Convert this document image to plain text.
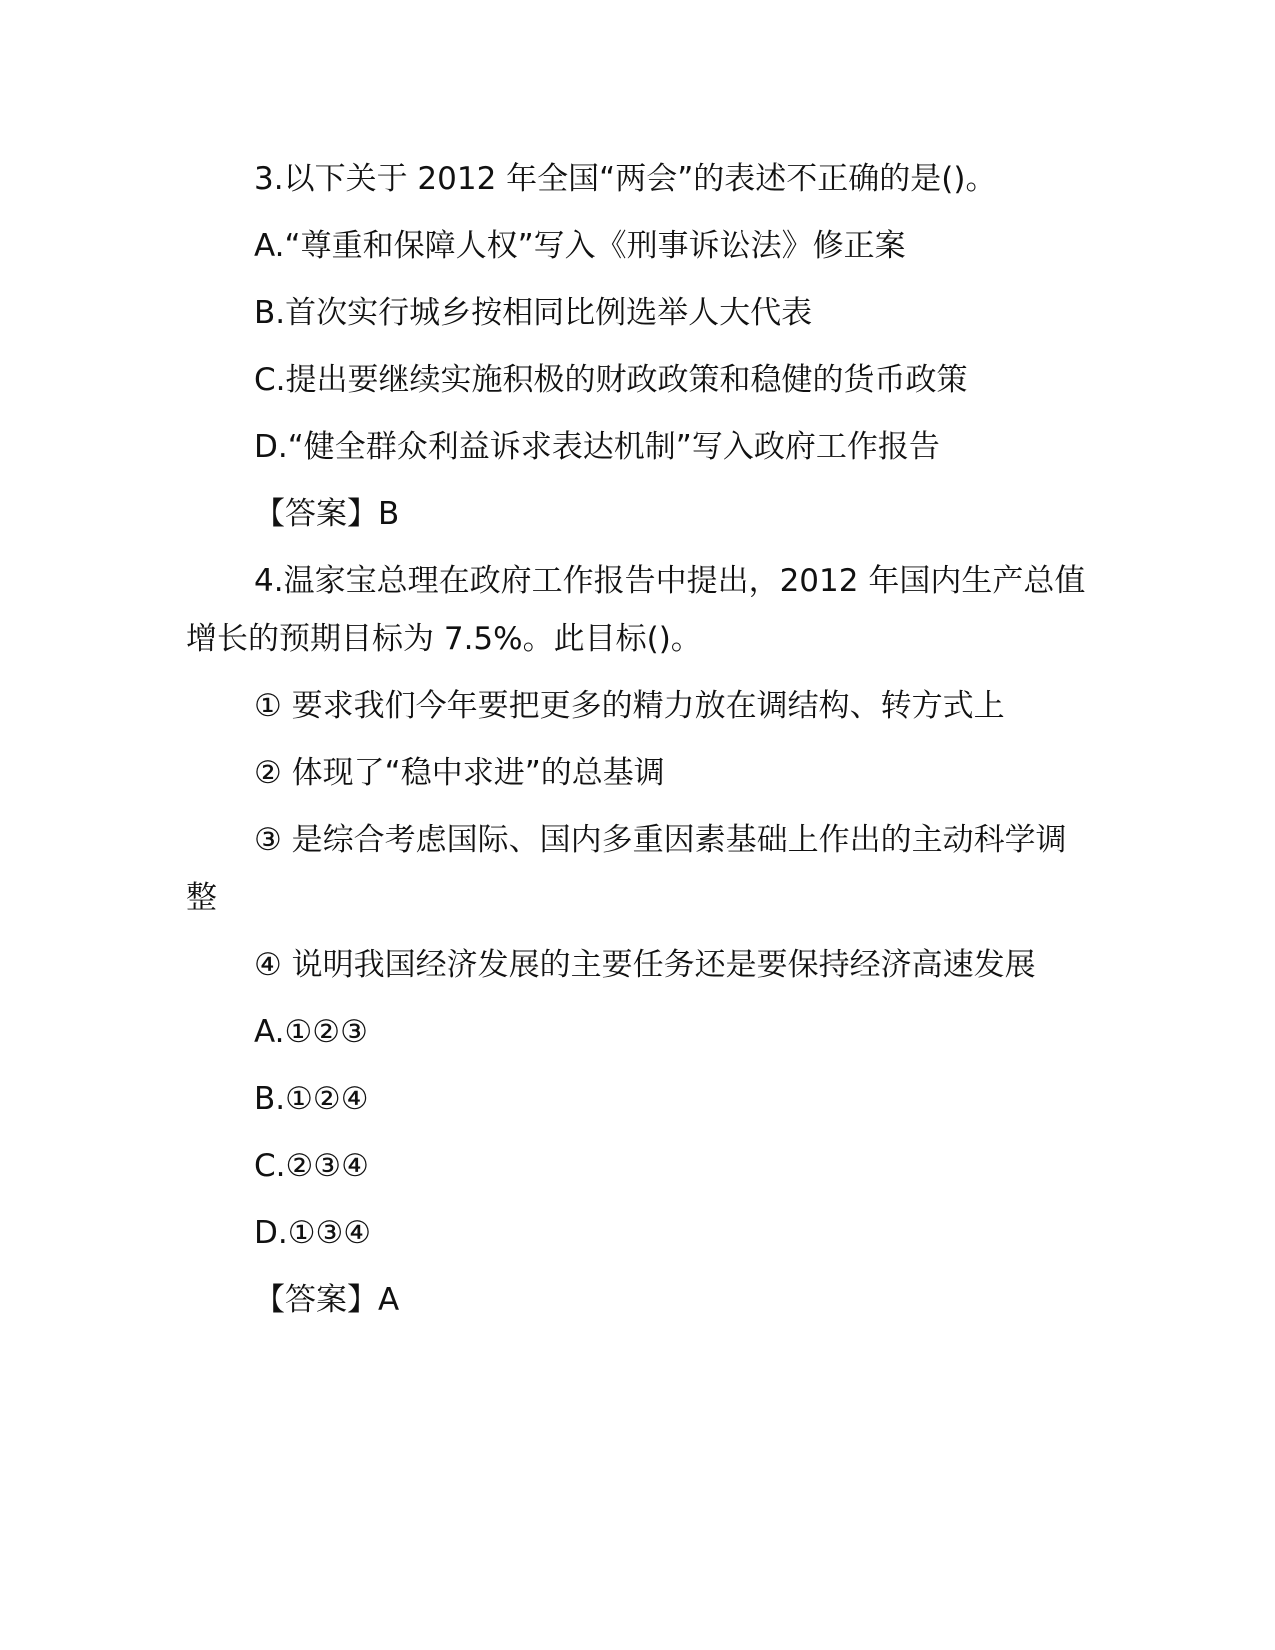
3.以下关于 2012 年全国“两会”的表述不正确的是()。

A.“尊重和保障人权”写入《刑事诉讼法》修正案

B.首次实行城乡按相同比例选举人大代表

C.提出要继续实施积极的财政政策和稳健的货币政策

D.“健全群众利益诉求表达机制”写入政府工作报告

【答案】B

4.温家宝总理在政府工作报告中提出，2012 年国内生产总值增长的预期目标为 7.5%。此目标()。

① 要求我们今年要把更多的精力放在调结构、转方式上

② 体现了“稳中求进”的总基调

③ 是综合考虑国际、国内多重因素基础上作出的主动科学调整

④ 说明我国经济发展的主要任务还是要保持经济高速发展

A.①②③

B.①②④

C.②③④

D.①③④

【答案】A
